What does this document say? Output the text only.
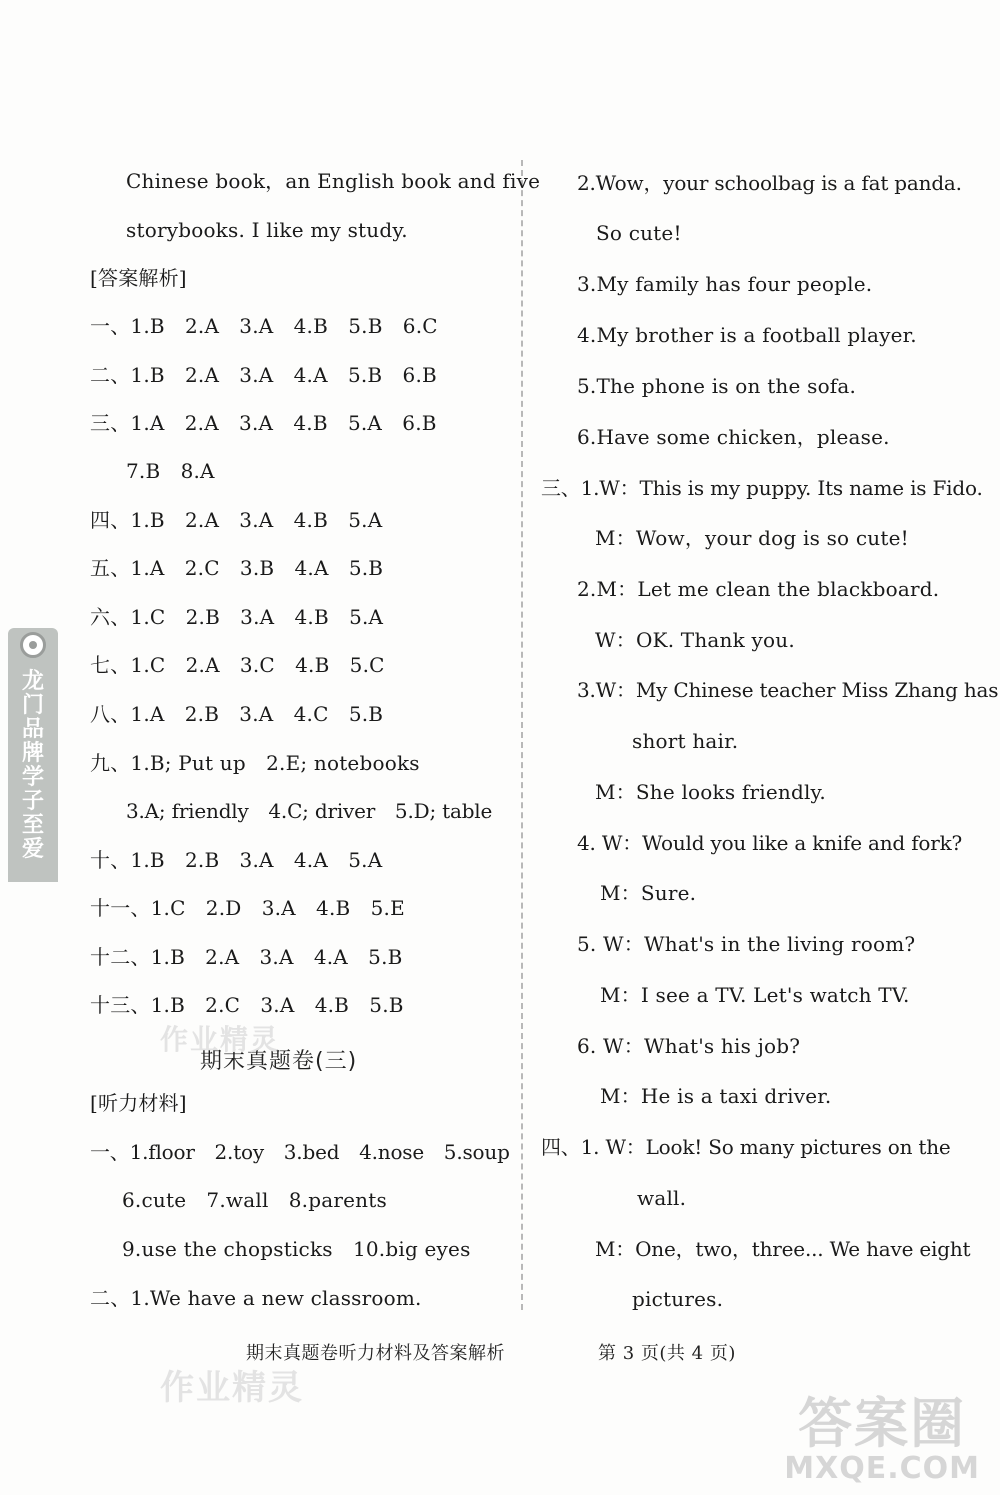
Chinese book，an English book and five
storybooks. I like my study.
[答案解析]
一、1.B　2.A　3.A　4.B　5.B　6.C
二、1.B　2.A　3.A　4.A　5.B　6.B
三、1.A　2.A　3.A　4.B　5.A　6.B
7.B　8.A
四、1.B　2.A　3.A　4.B　5.A
五、1.A　2.C　3.B　4.A　5.B
六、1.C　2.B　3.A　4.B　5.A
七、1.C　2.A　3.C　4.B　5.C
八、1.A　2.B　3.A　4.C　5.B
九、1.B; Put up　2.E; notebooks
3.A; friendly　4.C; driver　5.D; table
十、1.B　2.B　3.A　4.A　5.A
十一、1.C　2.D　3.A　4.B　5.E
十二、1.B　2.A　3.A　4.A　5.B
十三、1.B　2.C　3.A　4.B　5.B
期末真题卷(三)
[听力材料]
一、1.floor　2.toy　3.bed　4.nose　5.soup
6.cute　7.wall　8.parents
9.use the chopsticks　10.big eyes
二、1.We have a new classroom.
2.Wow，your schoolbag is a fat panda.
So cute!
3.My family has four people.
4.My brother is a football player.
5.The phone is on the sofa.
6.Have some chicken，please.
三、1.W：This is my puppy. Its name is Fido.
M：Wow，your dog is so cute!
2.M：Let me clean the blackboard.
W：OK. Thank you.
3.W：My Chinese teacher Miss Zhang has
short hair.
M：She looks friendly.
4. W：Would you like a knife and fork?
M：Sure.
5. W：What's in the living room?
M：I see a TV. Let's watch TV.
6. W：What's his job?
M：He is a taxi driver.
四、1. W：Look! So many pictures on the
wall.
M：One，two，three... We have eight
pictures.
龙门品牌 学子至爱
期末真题卷听力材料及答案解析	第 3 页(共 4 页)
作业精灵
作业精灵
答案圈
MXQE.COM
